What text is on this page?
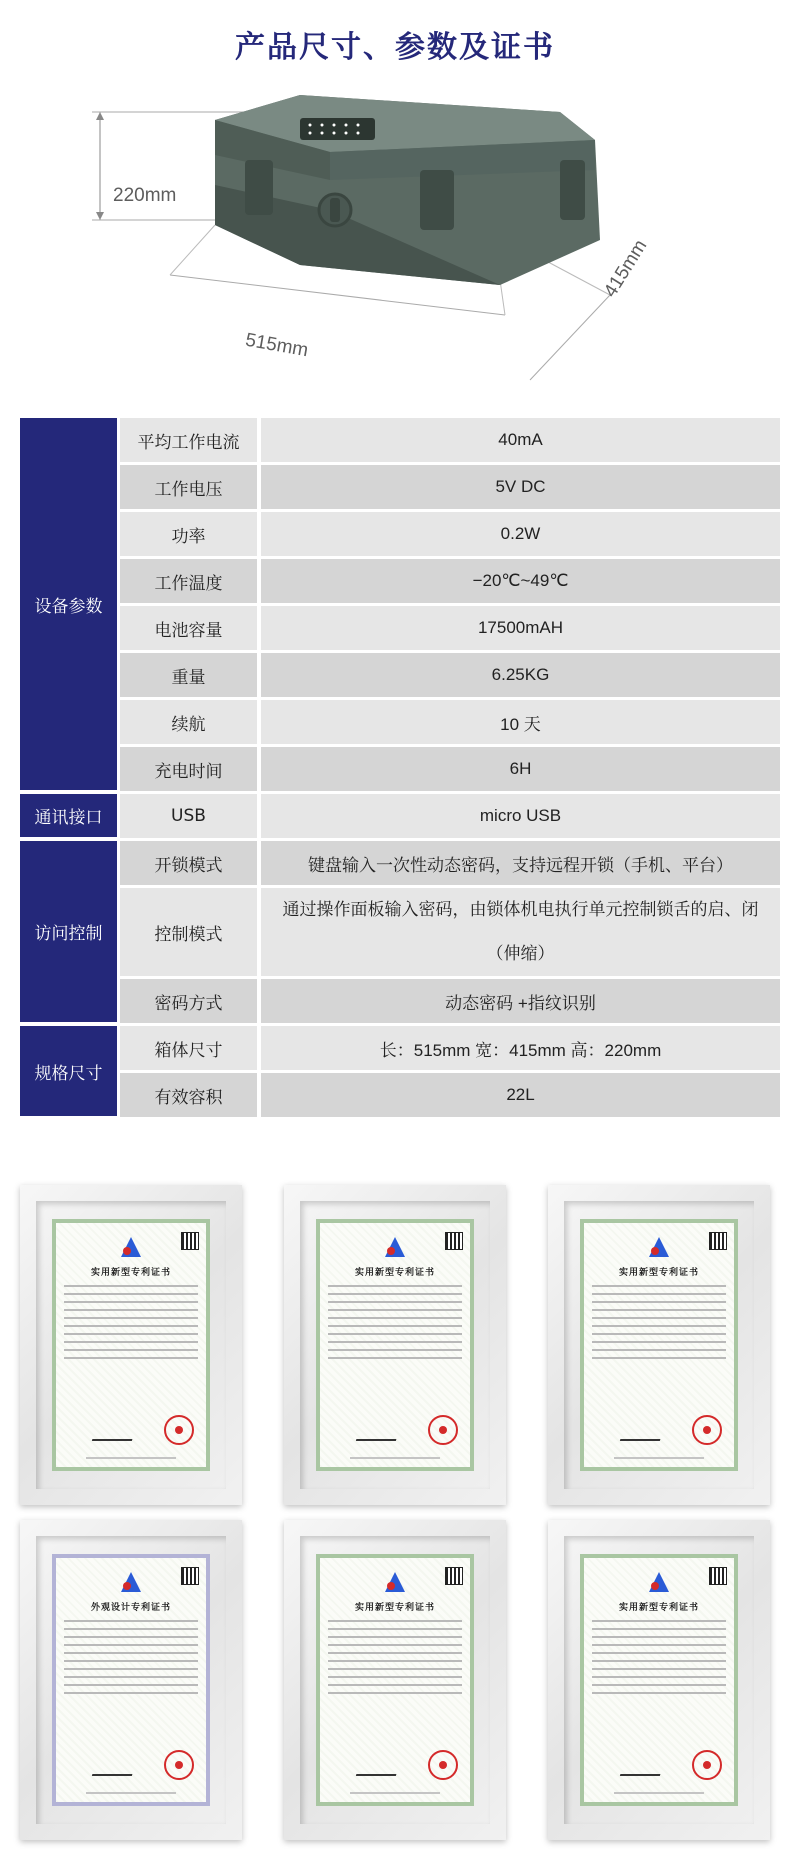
产品尺寸、参数及证书
220mm
515mm
415mm
设备参数	平均工作电流	40mA
	工作电压	5V DC
	功率	0.2W
	工作温度	−20℃~49℃
	电池容量	17500mAH
	重量	6.25KG
	续航	10 天
	充电时间	6H
通讯接口	USB	micro USB
访问控制	开锁模式	键盘输入一次性动态密码，支持远程开锁（手机、平台）
	控制模式	通过操作面板输入密码，由锁体机电执行单元控制锁舌的启、闭（伸缩）
	密码方式	动态密码 +指纹识别
规格尺寸	箱体尺寸	长：515mm 宽：415mm 高：220mm
	有效容积	22L
实用新型专利证书	实用新型专利证书	实用新型专利证书
外观设计专利证书	实用新型专利证书	实用新型专利证书
